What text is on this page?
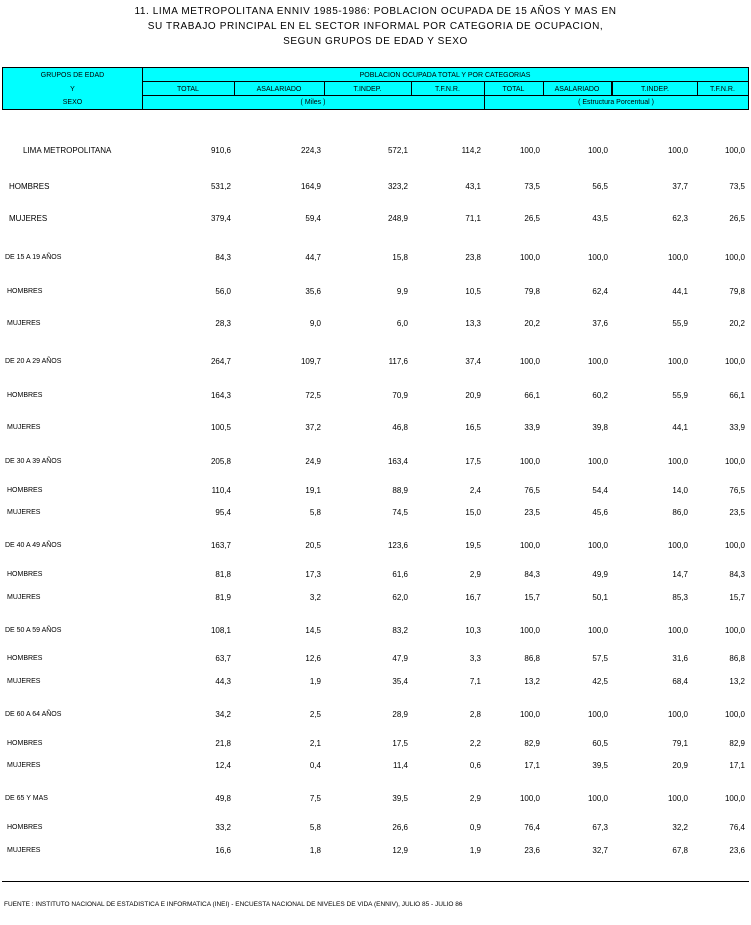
11. LIMA METROPOLITANA ENNIV 1985-1986: POBLACION OCUPADA DE 15 AÑOS Y MAS EN
SU TRABAJO PRINCIPAL EN EL SECTOR INFORMAL POR CATEGORIA DE OCUPACION,
SEGUN GRUPOS DE EDAD Y SEXO
GRUPOS DE EDAD
Y
SEXO
POBLACION OCUPADA TOTAL Y POR CATEGORIAS
TOTAL	ASALARIADO	T.INDEP.	T.F.N.R.	TOTAL	ASALARIADO	T.INDEP.	T.F.N.R.
( Miles )	( Estructura Porcentual )
LIMA METROPOLITANA	910,6	224,3	572,1	114,2	100,0	100,0	100,0	100,0
HOMBRES	531,2	164,9	323,2	43,1	73,5	56,5	37,7	73,5
MUJERES	379,4	59,4	248,9	71,1	26,5	43,5	62,3	26,5
DE 15 A 19 AÑOS	84,3	44,7	15,8	23,8	100,0	100,0	100,0	100,0
HOMBRES	56,0	35,6	9,9	10,5	79,8	62,4	44,1	79,8
MUJERES	28,3	9,0	6,0	13,3	20,2	37,6	55,9	20,2
DE 20 A 29 AÑOS	264,7	109,7	117,6	37,4	100,0	100,0	100,0	100,0
HOMBRES	164,3	72,5	70,9	20,9	66,1	60,2	55,9	66,1
MUJERES	100,5	37,2	46,8	16,5	33,9	39,8	44,1	33,9
DE 30 A 39 AÑOS	205,8	24,9	163,4	17,5	100,0	100,0	100,0	100,0
HOMBRES	110,4	19,1	88,9	2,4	76,5	54,4	14,0	76,5
MUJERES	95,4	5,8	74,5	15,0	23,5	45,6	86,0	23,5
DE 40 A 49 AÑOS	163,7	20,5	123,6	19,5	100,0	100,0	100,0	100,0
HOMBRES	81,8	17,3	61,6	2,9	84,3	49,9	14,7	84,3
MUJERES	81,9	3,2	62,0	16,7	15,7	50,1	85,3	15,7
DE 50 A 59 AÑOS	108,1	14,5	83,2	10,3	100,0	100,0	100,0	100,0
HOMBRES	63,7	12,6	47,9	3,3	86,8	57,5	31,6	86,8
MUJERES	44,3	1,9	35,4	7,1	13,2	42,5	68,4	13,2
DE 60 A 64 AÑOS	34,2	2,5	28,9	2,8	100,0	100,0	100,0	100,0
HOMBRES	21,8	2,1	17,5	2,2	82,9	60,5	79,1	82,9
MUJERES	12,4	0,4	11,4	0,6	17,1	39,5	20,9	17,1
DE 65 Y MAS	49,8	7,5	39,5	2,9	100,0	100,0	100,0	100,0
HOMBRES	33,2	5,8	26,6	0,9	76,4	67,3	32,2	76,4
MUJERES	16,6	1,8	12,9	1,9	23,6	32,7	67,8	23,6
FUENTE : INSTITUTO NACIONAL DE ESTADISTICA E INFORMATICA (INEI) - ENCUESTA NACIONAL DE NIVELES DE VIDA (ENNIV), JULIO 85 - JULIO 86
